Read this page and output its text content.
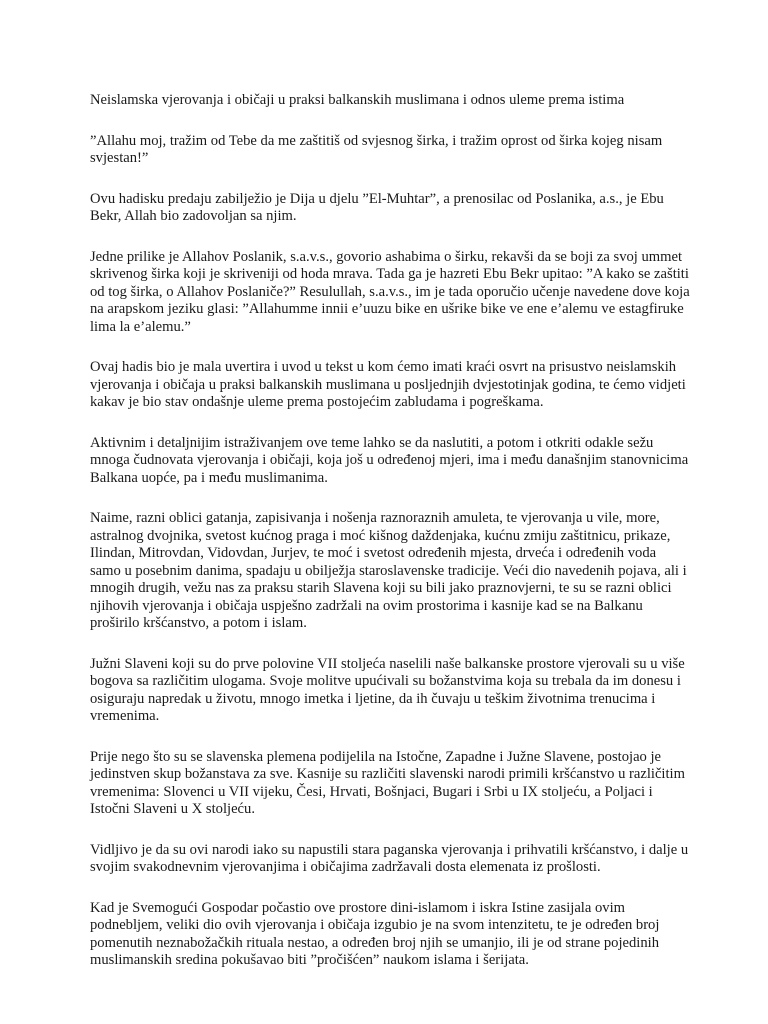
Neislamska vjerovanja i običaji u praksi balkanskih muslimana i odnos uleme prema istima

”Allahu moj, tražim od Tebe da me zaštitiš od svjesnog širka, i tražim oprost od širka kojeg nisam svjestan!”

Ovu hadisku predaju zabilježio je Dija u djelu ”El-Muhtar”, a prenosilac od Poslanika, a.s., je Ebu Bekr, Allah bio zadovoljan sa njim.

Jedne prilike je Allahov Poslanik, s.a.v.s., govorio ashabima o širku, rekavši da se boji za svoj ummet skrivenog širka koji je skriveniji od hoda mrava. Tada ga je hazreti Ebu Bekr upitao: ”A kako se zaštiti od tog širka, o Allahov Poslaniče?” Resulullah, s.a.v.s., im je tada oporučio učenje navedene dove koja na arapskom jeziku glasi: ”Allahumme innii e’uuzu bike en ušrike bike ve ene e’alemu ve estagfiruke lima la e’alemu.”

Ovaj hadis bio je mala uvertira i uvod u tekst u kom ćemo imati kraći osvrt na prisustvo neislamskih vjerovanja i običaja u praksi balkanskih muslimana u posljednjih dvjestotinjak godina, te ćemo vidjeti kakav je bio stav ondašnje uleme prema postojećim zabludama i pogreškama.

Aktivnim i detaljnijim istraživanjem ove teme lahko se da naslutiti, a potom i otkriti odakle sežu mnoga čudnovata vjerovanja i običaji, koja još u određenoj mjeri, ima i među današnjim stanovnicima Balkana uopće, pa i među muslimanima.

Naime, razni oblici gatanja, zapisivanja i nošenja raznoraznih amuleta, te vjerovanja u vile, more, astralnog dvojnika, svetost kućnog praga i moć kišnog daždenjaka, kućnu zmiju zaštitnicu, prikaze, Ilindan, Mitrovdan, Vidovdan, Jurjev, te moć i svetost određenih mjesta, drveća i određenih voda samo u posebnim danima, spadaju u obilježja staroslavenske tradicije. Veći dio navedenih pojava, ali i mnogih drugih, vežu nas za praksu starih Slavena koji su bili jako praznovjerni, te su se razni oblici njihovih vjerovanja i običaja uspješno zadržali na ovim prostorima i kasnije kad se na Balkanu proširilo kršćanstvo, a potom i islam.

Južni Slaveni koji su do prve polovine VII stoljeća naselili naše balkanske prostore vjerovali su u više bogova sa različitim ulogama. Svoje molitve upućivali su božanstvima koja su trebala da im donesu i osiguraju napredak u životu, mnogo imetka i ljetine, da ih čuvaju u teškim životnima trenucima i vremenima.

Prije nego što su se slavenska plemena podijelila na Istočne, Zapadne i Južne Slavene, postojao je jedinstven skup božanstava za sve. Kasnije su različiti slavenski narodi primili kršćanstvo u različitim vremenima: Slovenci u VII vijeku, Česi, Hrvati, Bošnjaci, Bugari i Srbi u IX stoljeću, a Poljaci i Istočni Slaveni u X stoljeću.

Vidljivo je da su ovi narodi iako su napustili stara paganska vjerovanja i prihvatili kršćanstvo, i dalje u svojim svakodnevnim vjerovanjima i običajima zadržavali dosta elemenata iz prošlosti.

Kad je Svemogući Gospodar počastio ove prostore dini-islamom i iskra Istine zasijala ovim podnebljem, veliki dio ovih vjerovanja i običaja izgubio je na svom intenzitetu, te je određen broj pomenutih neznabožačkih rituala nestao, a određen broj njih se umanjio, ili je od strane pojedinih muslimanskih sredina pokušavao biti ”pročišćen” naukom islama i šerijata.
